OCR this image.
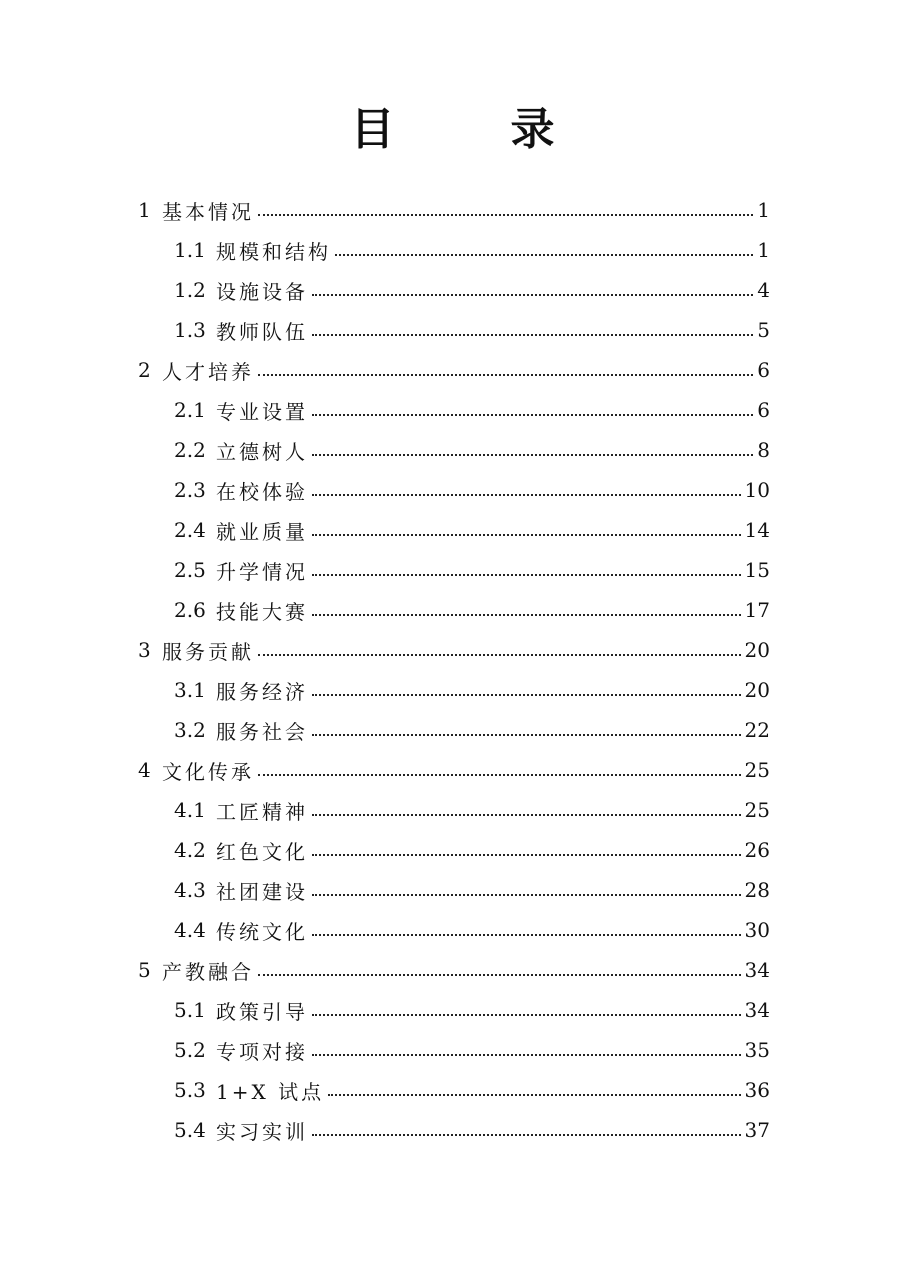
目　录
1 基本情况	1
1.1 规模和结构	1
1.2 设施设备	4
1.3 教师队伍	5
2 人才培养	6
2.1 专业设置	6
2.2 立德树人	8
2.3 在校体验	10
2.4 就业质量	14
2.5 升学情况	15
2.6 技能大赛	17
3 服务贡献	20
3.1 服务经济	20
3.2 服务社会	22
4 文化传承	25
4.1 工匠精神	25
4.2 红色文化	26
4.3 社团建设	28
4.4 传统文化	30
5 产教融合	34
5.1 政策引导	34
5.2 专项对接	35
5.3 1+X 试点	36
5.4 实习实训	37
